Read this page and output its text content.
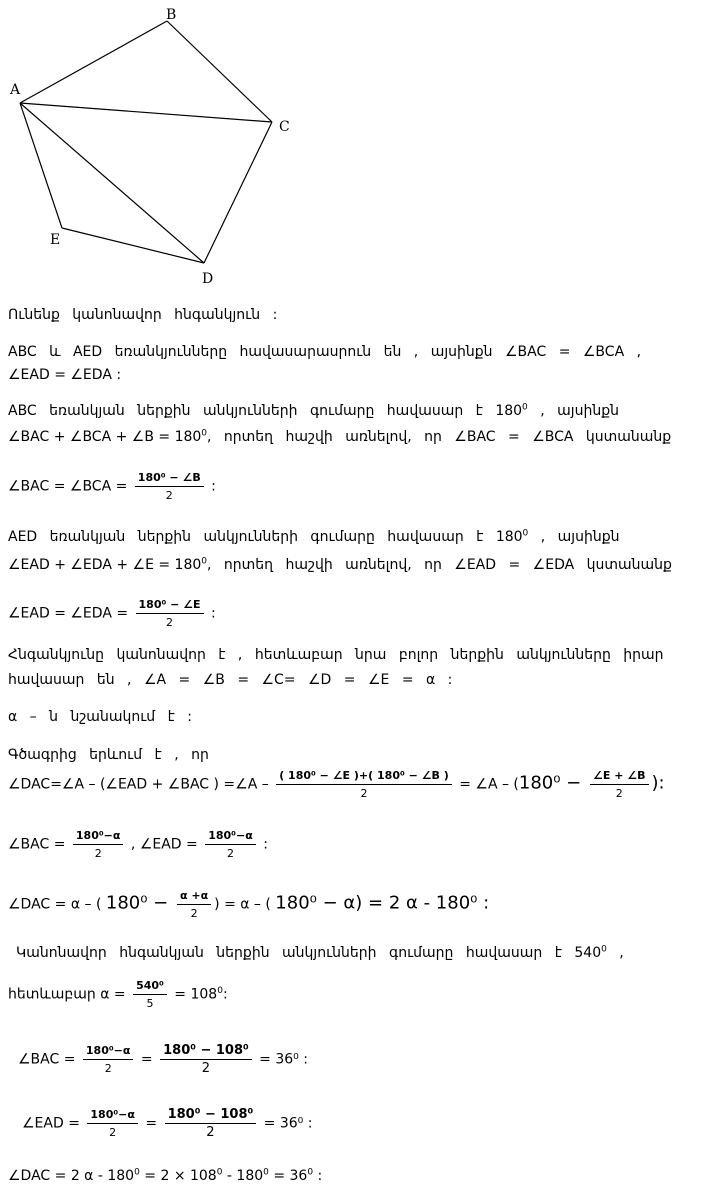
A
B
C
D
E
Ունենք կանոնավոր հնգանկյուն :
ABC և AED եռանկյունները հավասարասրուն են , այսինքն ∠BAC = ∠BCA ,
∠EAD = ∠EDA :
ABC եռանկյան ներքին անկյունների գումարը հավասար է $180^0$ , այսինքն
∠BAC + ∠BCA + ∠B = $180^0$, որտեղ հաշվի առնելով, որ ∠BAC = ∠BCA կստանանք
∠BAC = ∠BCA = $\frac{\text{180⁰ − ∠B}}{2}$ :
AED եռանկյան ներքին անկյունների գումարը հավասար է $180^0$ , այսինքն
∠EAD + ∠EDA + ∠E = $180^0$, որտեղ հաշվի առնելով, որ ∠EAD = ∠EDA կստանանք
∠EAD = ∠EDA = $\frac{\text{180⁰ − ∠E}}{2}$ :
Հնգանկյունը կանոնավոր է , հետևաբար նրա բոլոր ներքին անկյունները իրար
հավասար են , ∠A = ∠B = ∠C= ∠D = ∠E = α :
α – ն նշանակում է :
Գծագրից երևում է , որ
∠DAC=∠A – (∠EAD + ∠BAC ) =∠A – $\frac{\text{( 180⁰ − ∠E )+( 180⁰ − ∠B )}}{2}$ = ∠A – ($180^0 - \frac{\angle E + \angle B}{2}$ ):
∠BAC = $\frac{\text{180⁰−α}}{2}$ , ∠EAD = $\frac{\text{180⁰−α}}{2}$ :
∠DAC = α – ( $180^0 - \frac{\alpha +\alpha}{2}$ ) = α – ( 180⁰ − α) = 2 α - 180⁰ :
Կանոնավոր հնգանկյան ներքին անկյունների գումարը հավասար է $540^0$ ,
հետևաբար $\alpha = \frac{\text{540⁰}}{5} = 108^0$:
∠BAC = $\frac{\text{180⁰−α}}{2} = \frac{\text{180⁰ − 108⁰}}{2} = 36^0$ :
∠EAD = $\frac{\text{180⁰−α}}{2} = \frac{\text{180⁰ − 108⁰}}{2} = 36^0$ :
∠DAC = 2 $\alpha - 180^0 = 2 \times 108^0 - 180^0 = 36^0$ :
